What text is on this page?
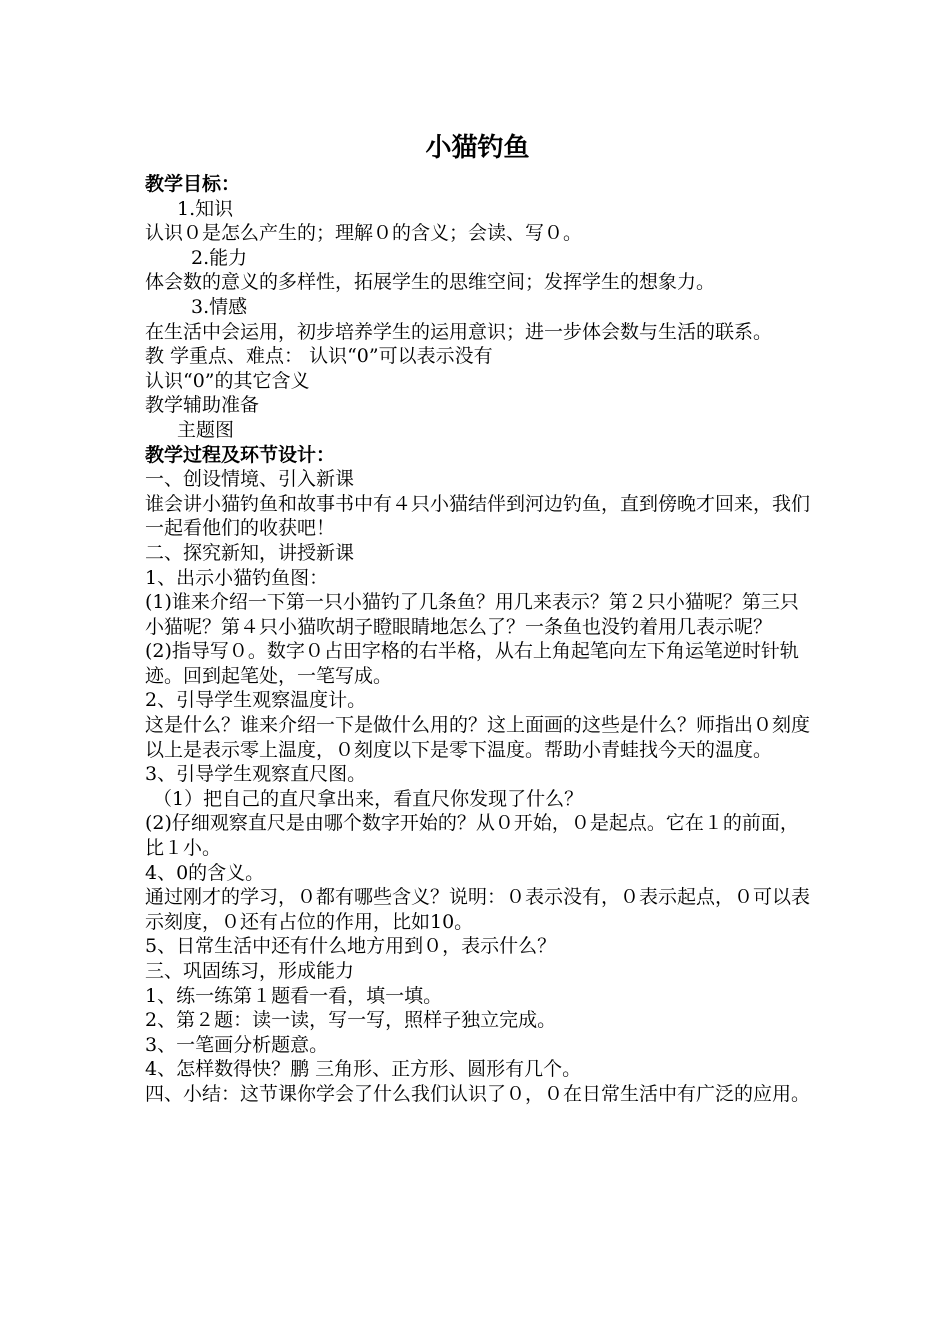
小猫钓鱼

教学目标：

1.知识

认识０是怎么产生的；理解０的含义；会读、写０。

2.能力

体会数的意义的多样性，拓展学生的思维空间；发挥学生的想象力。

3.情感

在生活中会运用，初步培养学生的运用意识；进一步体会数与生活的联系。

教 学重点、难点： 认识“0”可以表示没有

认识“0”的其它含义

教学辅助准备

主题图

教学过程及环节设计：

一、创设情境、引入新课

谁会讲小猫钓鱼和故事书中有４只小猫结伴到河边钓鱼，直到傍晚才回来，我们一起看他们的收获吧！

二、探究新知，讲授新课

1、出示小猫钓鱼图：

(1)谁来介绍一下第一只小猫钓了几条鱼？用几来表示？第２只小猫呢？第三只小猫呢？第４只小猫吹胡子瞪眼睛地怎么了？一条鱼也没钓着用几表示呢？

(2)指导写０。数字０占田字格的右半格，从右上角起笔向左下角运笔逆时针轨迹。回到起笔处，一笔写成。

2、引导学生观察温度计。

这是什么？谁来介绍一下是做什么用的？这上面画的这些是什么？师指出０刻度以上是表示零上温度，０刻度以下是零下温度。帮助小青蛙找今天的温度。

3、引导学生观察直尺图。

（1）把自己的直尺拿出来，看直尺你发现了什么？

(2)仔细观察直尺是由哪个数字开始的？从０开始，０是起点。它在１的前面，比１小。

4、0的含义。

通过刚才的学习，０都有哪些含义？说明：０表示没有，０表示起点，０可以表示刻度，０还有占位的作用，比如10。

5、日常生活中还有什么地方用到０，表示什么？

三、巩固练习，形成能力

1、练一练第１题看一看，填一填。

2、第２题：读一读，写一写，照样子独立完成。

3、一笔画分析题意。

4、怎样数得快？鹏 三角形、正方形、圆形有几个。

四、小结：这节课你学会了什么我们认识了０，０在日常生活中有广泛的应用。
